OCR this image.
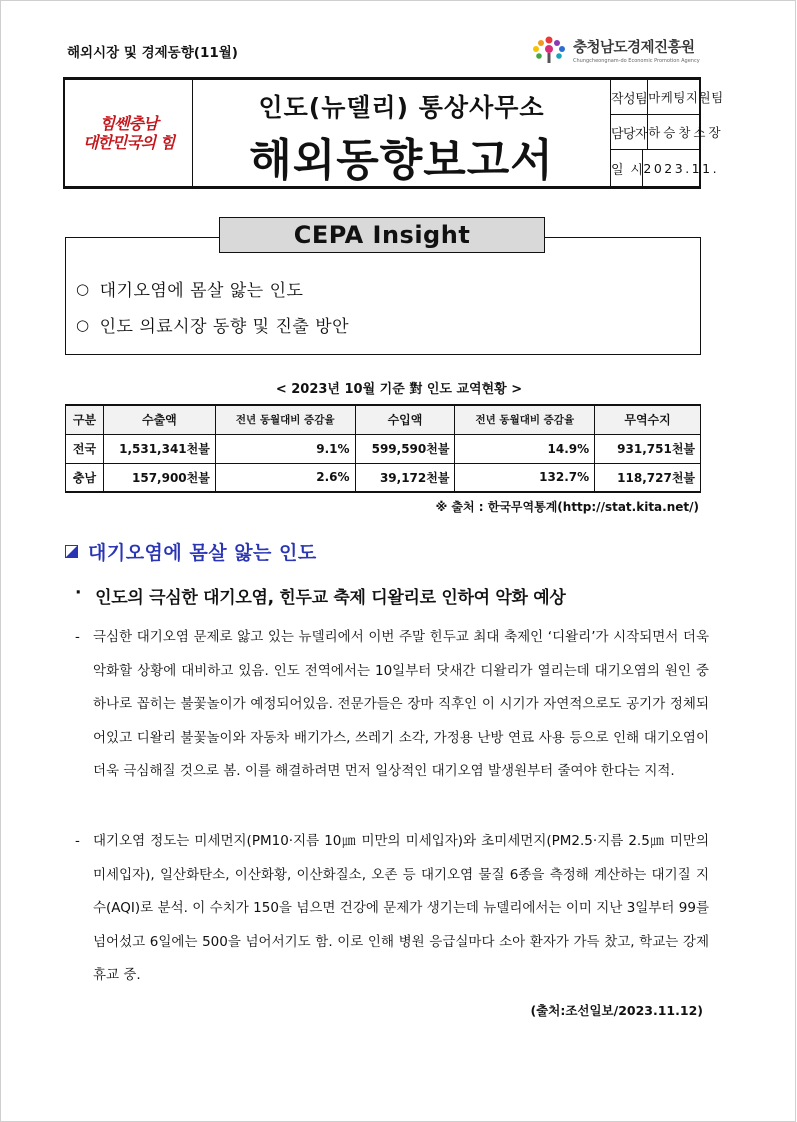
해외시장 및 경제동향(11월)	충청남도경제진흥원
Chungcheongnam-do Economic Promotion Agency
힘쎈충남
대한민국의 힘
인도(뉴델리) 통상사무소
해외동향보고서
작성팀 마케팅지원팀
담당자 하승창소장
일  시 2023.11.
○ 대기오염에 몸살 앓는 인도
○ 인도 의료시장 동향 및 진출 방안
CEPA Insight
< 2023년 10월 기준 對 인도 교역현황 >
구분	수출액	전년 동월대비 증감율	수입액	전년 동월대비 증감율	무역수지
전국	1,531,341천불	9.1%	599,590천불	14.9%	931,751천불
충남	157,900천불	2.6%	39,172천불	132.7%	118,727천불
※ 출처 : 한국무역통계(http://stat.kita.net/)
대기오염에 몸살 앓는 인도
· 인도의 극심한 대기오염, 힌두교 축제 디왈리로 인하여 악화 예상
- 극심한 대기오염 문제로 앓고 있는 뉴델리에서 이번 주말 힌두교 최대 축제인 ‘디왈리’가 시작되면서 더욱 악화할 상황에 대비하고 있음. 인도 전역에서는 10일부터 닷새간 디왈리가 열리는데 대기오염의 원인 중 하나로 꼽히는 불꽃놀이가 예정되어있음. 전문가들은 장마 직후인 이 시기가 자연적으로도 공기가 정체되어있고 디왈리 불꽃놀이와 자동차 배기가스, 쓰레기 소각, 가정용 난방 연료 사용 등으로 인해 대기오염이 더욱 극심해질 것으로 봄. 이를 해결하려면 먼저 일상적인 대기오염 발생원부터 줄여야 한다는 지적.
- 대기오염 정도는 미세먼지(PM10·지름 10㎛ 미만의 미세입자)와 초미세먼지(PM2.5·지름 2.5㎛ 미만의 미세입자), 일산화탄소, 이산화황, 이산화질소, 오존 등 대기오염 물질 6종을 측정해 계산하는 대기질 지수(AQI)로 분석. 이 수치가 150을 넘으면 건강에 문제가 생기는데 뉴델리에서는 이미 지난 3일부터 99를 넘어섰고 6일에는 500을 넘어서기도 함. 이로 인해 병원 응급실마다 소아 환자가 가득 찼고, 학교는 강제 휴교 중.
(출처:조선일보/2023.11.12)
